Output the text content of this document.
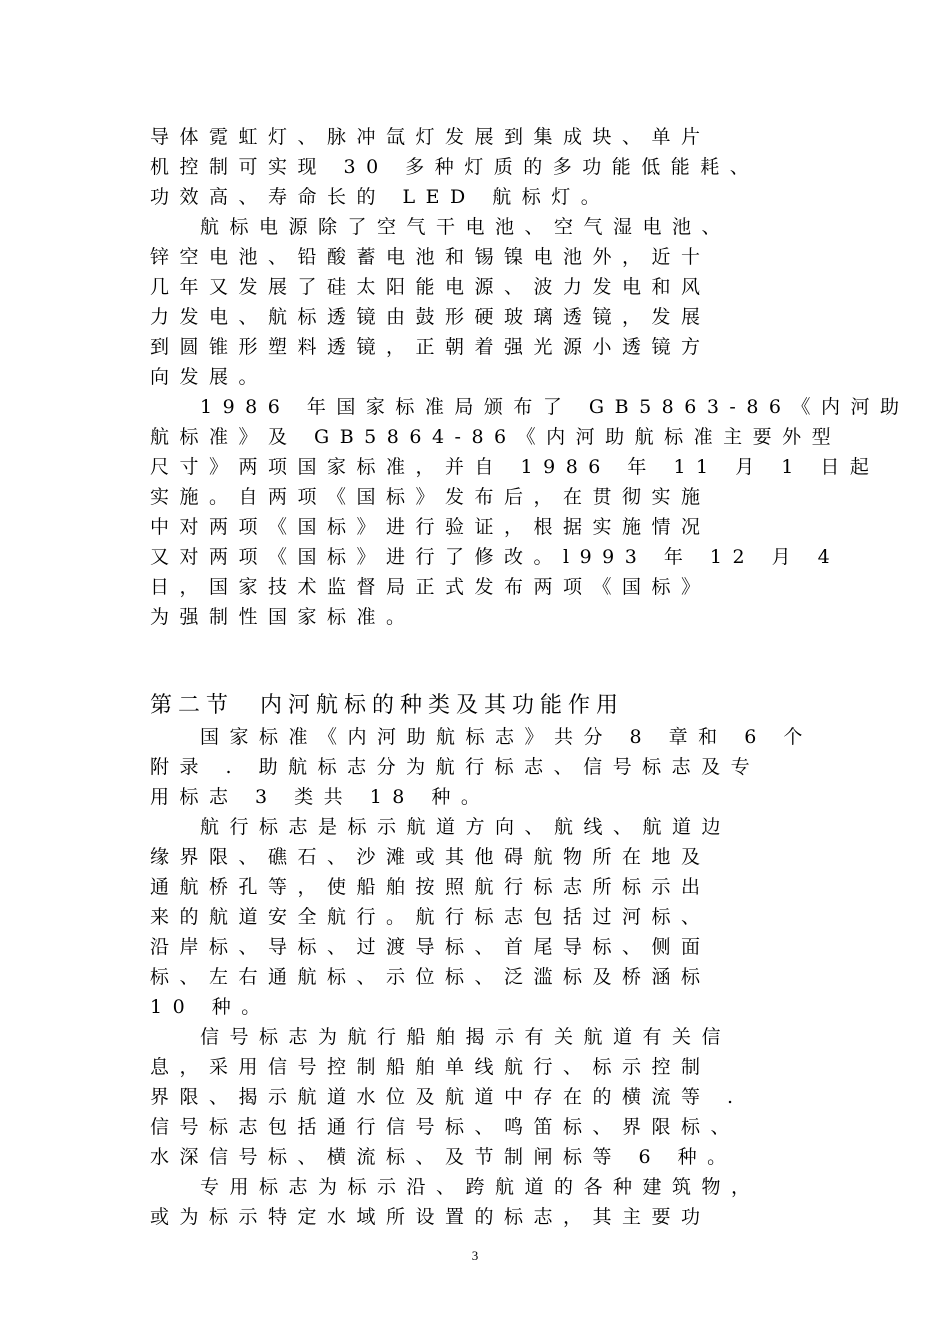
导体霓虹灯、脉冲氙灯发展到集成块、单片
机控制可实现 30 多种灯质的多功能低能耗、
功效高、寿命长的 LED 航标灯。
航标电源除了空气干电池、空气湿电池、
锌空电池、铅酸蓄电池和锡镍电池外，近十
几年又发展了硅太阳能电源、波力发电和风
力发电、航标透镜由鼓形硬玻璃透镜，发展
到圆锥形塑料透镜，正朝着强光源小透镜方
向发展。
1986 年国家标准局颁布了 GB5863-86《内河助
航标准》及 GB5864-86《内河助航标准主要外型
尺寸》两项国家标准，并自 1986 年 11 月 1 日起
实施。自两项《国标》发布后，在贯彻实施
中对两项《国标》进行验证，根据实施情况
又对两项《国标》进行了修改。l993 年 12 月 4
日，国家技术监督局正式发布两项《国标》
为强制性国家标准。
第二节 内河航标的种类及其功能作用
国家标准《内河助航标志》共分 8 章和 6 个
附录 . 助航标志分为航行标志、信号标志及专
用标志 3 类共 18 种。
航行标志是标示航道方向、航线、航道边
缘界限、礁石、沙滩或其他碍航物所在地及
通航桥孔等，使船舶按照航行标志所标示出
来的航道安全航行。航行标志包括过河标、
沿岸标、导标、过渡导标、首尾导标、侧面
标、左右通航标、示位标、泛滥标及桥涵标
10 种。
信号标志为航行船舶揭示有关航道有关信
息，采用信号控制船舶单线航行、标示控制
界限、揭示航道水位及航道中存在的横流等 .
信号标志包括通行信号标、鸣笛标、界限标、
水深信号标、横流标、及节制闸标等 6 种。
专用标志为标示沿、跨航道的各种建筑物，
或为标示特定水域所设置的标志，其主要功
3
